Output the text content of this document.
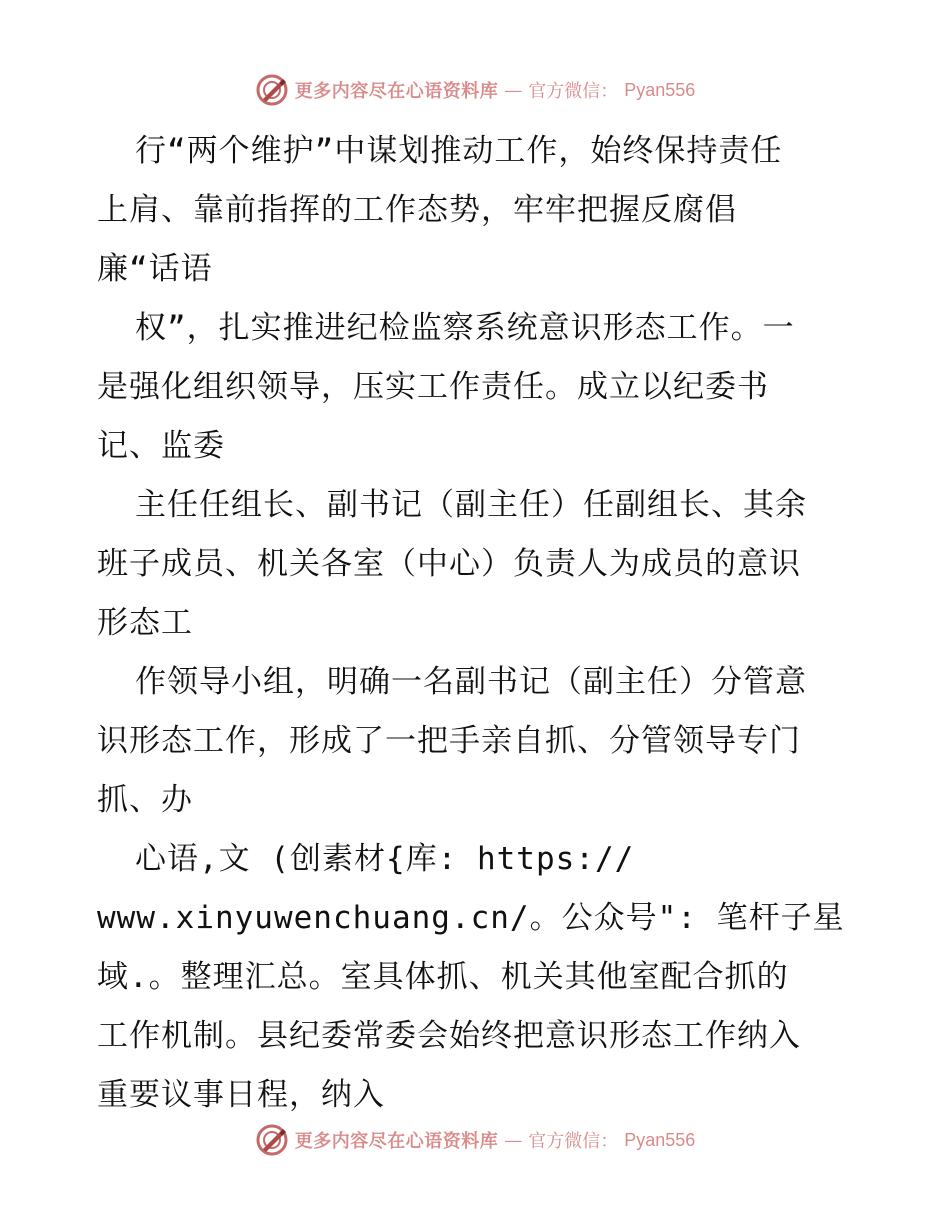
更多内容尽在心语资料库 — 官方微信： Pyan556
行“两个维护”中谋划推动工作，始终保持责任
上肩、靠前指挥的工作态势，牢牢把握反腐倡
廉“话语
权”，扎实推进纪检监察系统意识形态工作。一
是强化组织领导，压实工作责任。成立以纪委书
记、监委
主任任组长、副书记（副主任）任副组长、其余
班子成员、机关各室（中心）负责人为成员的意识
形态工
作领导小组，明确一名副书记（副主任）分管意
识形态工作，形成了一把手亲自抓、分管领导专门
抓、办
心语,文 (创素材{库: https://
www.xinyuwenchuang.cn/。公众号": 笔杆子星
域.。整理汇总。室具体抓、机关其他室配合抓的
工作机制。县纪委常委会始终把意识形态工作纳入
重要议事日程，纳入
更多内容尽在心语资料库 — 官方微信： Pyan556
